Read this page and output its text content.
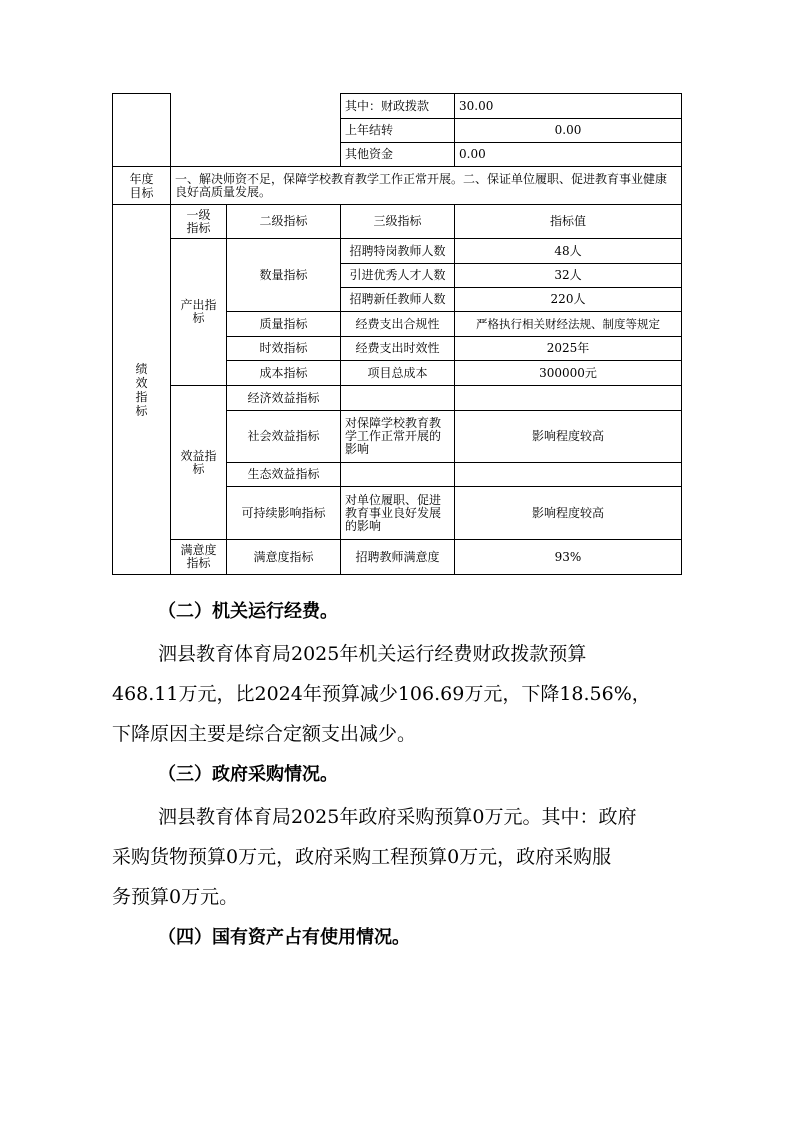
			其中：财政拨款	30.00
			上年结转	0.00
			其他资金	0.00

年度目标	一、解决师资不足，保障学校教育教学工作正常开展。二、保证单位履职、促进教育事业健康良好高质量发展。			

绩效指标	一级指标	二级指标	三级指标	指标值

	产出指标	数量指标	招聘特岗教师人数	48人
			引进优秀人才人数	32人
			招聘新任教师人数	220人
		质量指标	经费支出合规性	严格执行相关财经法规、制度等规定
		时效指标	经费支出时效性	2025年
		成本指标	项目总成本	300000元

	效益指标	经济效益指标		
		社会效益指标	对保障学校教育教学工作正常开展的影响	影响程度较高
		生态效益指标		
		可持续影响指标	对单位履职、促进教育事业良好发展的影响	影响程度较高

	满意度指标	满意度指标	招聘教师满意度	93%
（二）机关运行经费。
泗县教育体育局2025年机关运行经费财政拨款预算
468.11万元，比2024年预算减少106.69万元，下降18.56%，
下降原因主要是综合定额支出减少。
（三）政府采购情况。
泗县教育体育局2025年政府采购预算0万元。其中：政府
采购货物预算0万元，政府采购工程预算0万元，政府采购服
务预算0万元。
（四）国有资产占有使用情况。
